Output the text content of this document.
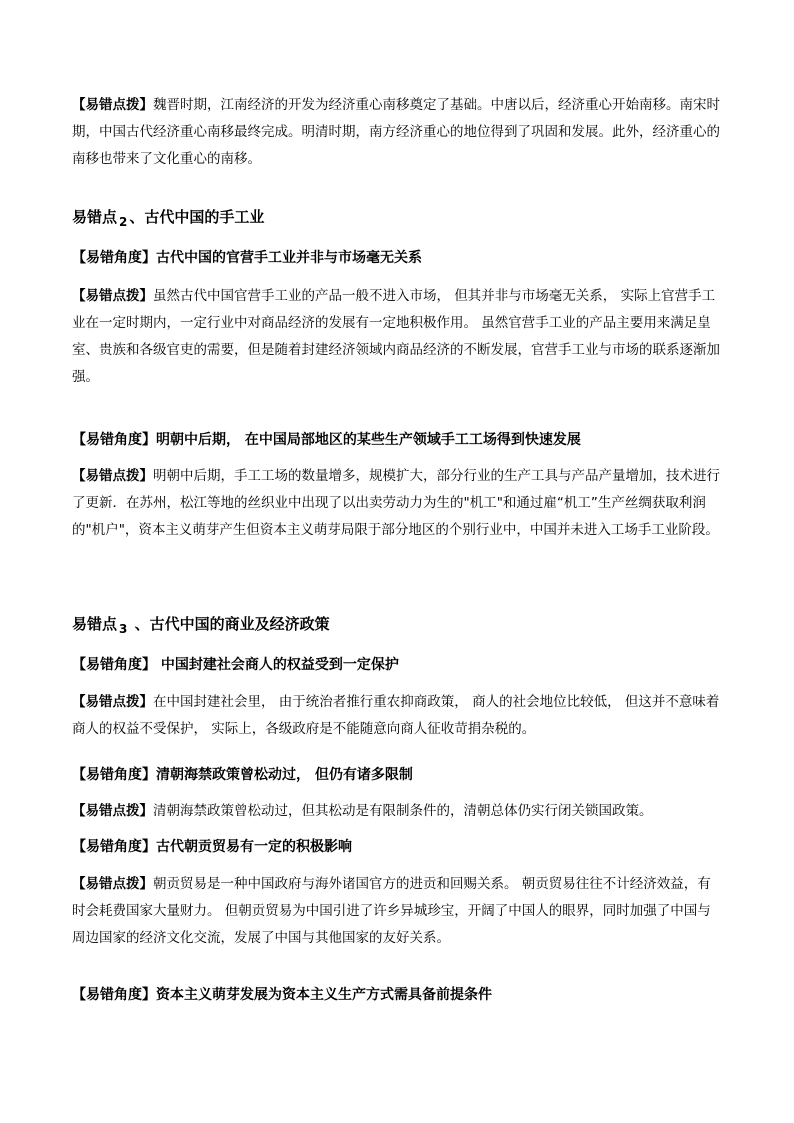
【易错点拨】魏晋时期，江南经济的开发为经济重心南移奠定了基础。中唐以后，经济重心开始南移。南宋时期，中国古代经济重心南移最终完成。明清时期，南方经济重心的地位得到了巩固和发展。此外，经济重心的南移也带来了文化重心的南移。
易错点 $_2$ 、古代中国的手工业
【易错角度】古代中国的官营手工业并非与市场毫无关系
【易错点拨】虽然古代中国官营手工业的产品一般不进入市场， 但其并非与市场毫无关系， 实际上官营手工业在一定时期内，一定行业中对商品经济的发展有一定地积极作用。 虽然官营手工业的产品主要用来满足皇室、贵族和各级官吏的需要，但是随着封建经济领域内商品经济的不断发展，官营手工业与市场的联系逐渐加强。
【易错角度】明朝中后期， 在中国局部地区的某些生产领域手工工场得到快速发展
【易错点拨】明朝中后期，手工工场的数量增多，规模扩大，部分行业的生产工具与产品产量增加，技术进行了更新．在苏州，松江等地的丝织业中出现了以出卖劳动力为生的"机工"和通过雇“机工”生产丝绸获取利润的"机户"，资本主义萌芽产生但资本主义萌芽局限于部分地区的个别行业中，中国并未进入工场手工业阶段。
易错点 $_3$ 、古代中国的商业及经济政策
【易错角度】 中国封建社会商人的权益受到一定保护
【易错点拨】在中国封建社会里， 由于统治者推行重农抑商政策， 商人的社会地位比较低， 但这并不意味着商人的权益不受保护， 实际上，各级政府是不能随意向商人征收苛捐杂税的。
【易错角度】清朝海禁政策曾松动过， 但仍有诸多限制
【易错点拨】清朝海禁政策曾松动过，但其松动是有限制条件的，清朝总体仍实行闭关锁国政策。
【易错角度】古代朝贡贸易有一定的积极影响
【易错点拨】朝贡贸易是一种中国政府与海外诸国官方的进贡和回赐关系。 朝贡贸易往往不计经济效益，有时会耗费国家大量财力。 但朝贡贸易为中国引进了许乡异城珍宝，开阔了中国人的眼界，同时加强了中国与周边国家的经济文化交流，发展了中国与其他国家的友好关系。
【易错角度】资本主义萌芽发展为资本主义生产方式需具备前提条件
